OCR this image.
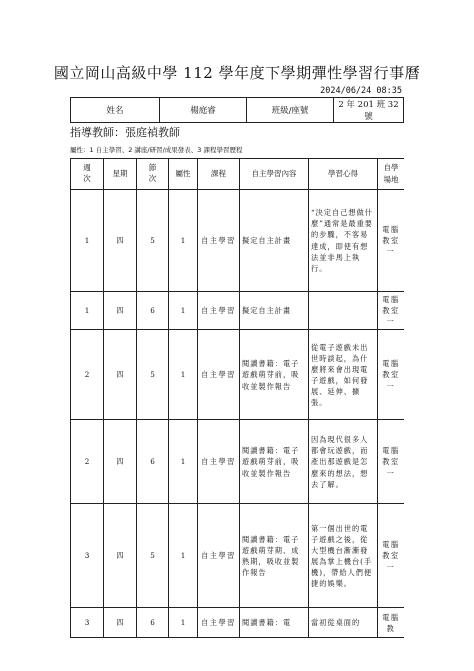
國立岡山高級中學 112 學年度下學期彈性學習行事曆
2024/06/24 08:35
姓名	楊庭睿	班級/座號	2 年 201 班 32 號
指導教師：張庭禎教師
屬性：1 自主學習、2 講座/研習/成果發表、3 課程學習歷程
週次	星期	節次	屬性	課程	自主學習內容	學習心得	自學場地
1	四	5	1	自主學習	擬定自主計畫	“決定自己想做什麼”通常是最重要的步驟，不客易達成，即使有想法並非馬上執行。	電腦教室一
1	四	6	1	自主學習	擬定自主計畫		電腦教室一
2	四	5	1	自主學習	閱讀書籍：電子遊戲萌芽前，吸收並製作報告	從電子遊戲未出世時談起，為什麼將來會出現電子遊戲，如何發展、延伸、擴張。	電腦教室一
2	四	6	1	自主學習	閱讀書籍：電子遊戲萌芽前，吸收並製作報告	因為現代很多人都會玩遊戲，而產出那遊戲是怎麼來的想法，想去了解。	電腦教室一
3	四	5	1	自主學習	閱讀書籍：電子遊戲萌芽期、成熟期，吸收並製作報告	第一個出世的電子遊戲之後，從大型機台漸漸發展為掌上機台(手機)，帶給人們便捷的娛樂。	電腦教室一
3	四	6	1	自主學習	閱讀書籍：電	當初從桌面的	電腦教
